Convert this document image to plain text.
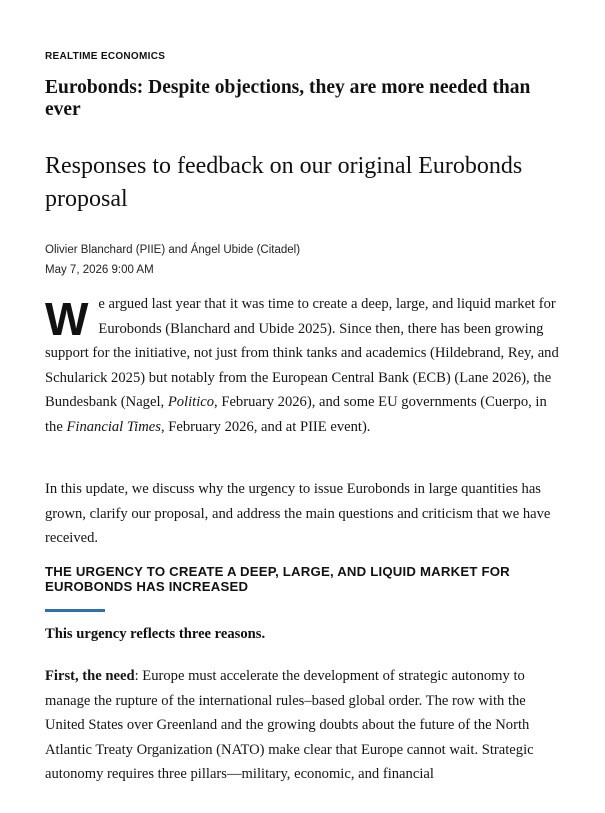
REALTIME ECONOMICS
Eurobonds: Despite objections, they are more needed than ever
Responses to feedback on our original Eurobonds proposal
Olivier Blanchard (PIIE) and Ángel Ubide (Citadel)
May 7, 2026 9:00 AM

We argued last year that it was time to create a deep, large, and liquid market for Eurobonds (Blanchard and Ubide 2025). Since then, there has been growing support for the initiative, not just from think tanks and academics (Hildebrand, Rey, and Schularick 2025) but notably from the European Central Bank (ECB) (Lane 2026), the Bundesbank (Nagel, Politico, February 2026), and some EU governments (Cuerpo, in the Financial Times, February 2026, and at PIIE event).

In this update, we discuss why the urgency to issue Eurobonds in large quantities has grown, clarify our proposal, and address the main questions and criticism that we have received.

THE URGENCY TO CREATE A DEEP, LARGE, AND LIQUID MARKET FOR EUROBONDS HAS INCREASED
This urgency reflects three reasons.

First, the need: Europe must accelerate the development of strategic autonomy to manage the rupture of the international rules–based global order. The row with the United States over Greenland and the growing doubts about the future of the North Atlantic Treaty Organization (NATO) make clear that Europe cannot wait. Strategic autonomy requires three pillars—military, economic, and financial
